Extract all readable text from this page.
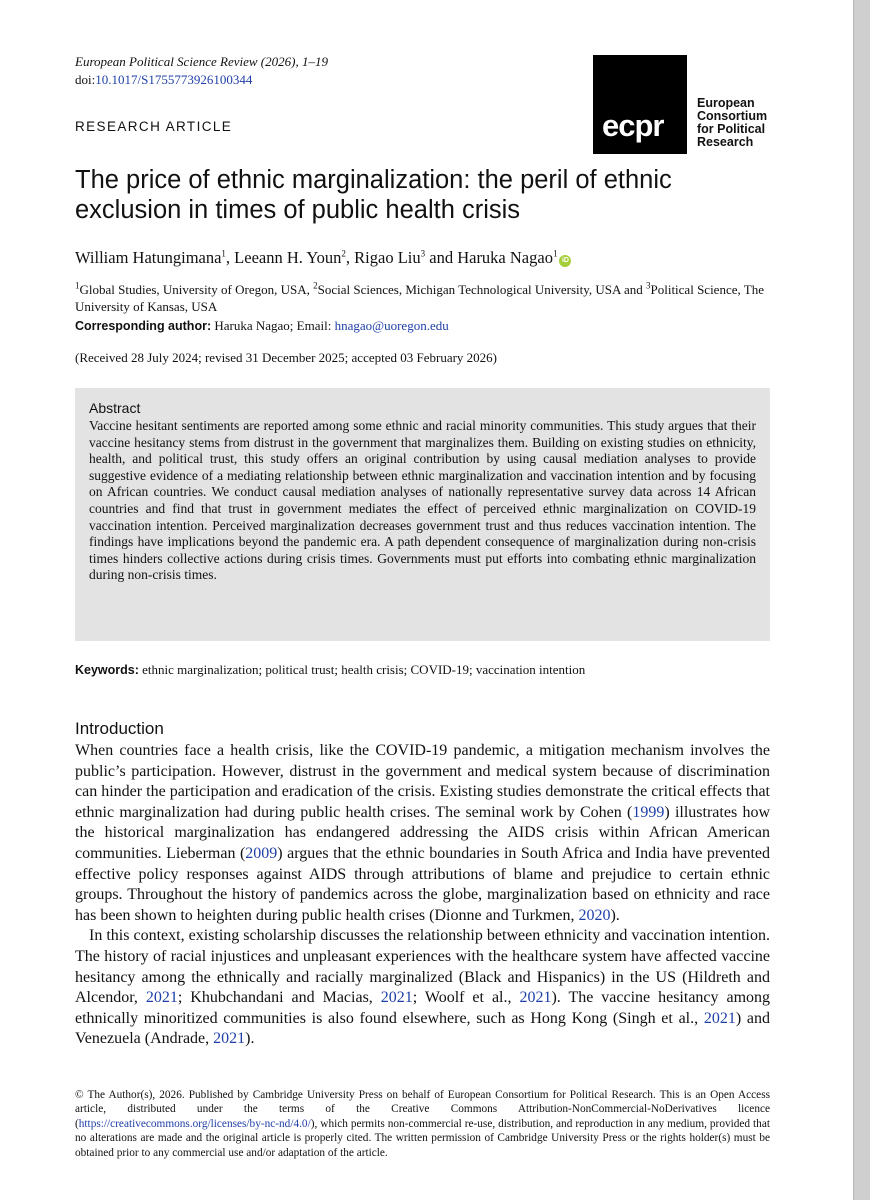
European Political Science Review (2026), 1–19
doi:10.1017/S1755773926100344
RESEARCH ARTICLE	ecpr
European
Consortium
for Political
Research
The price of ethnic marginalization: the peril of ethnic
exclusion in times of public health crisis
William Hatungimana$^1$, Leeann H. Youn$^2$, Rigao Liu$^3$ and Haruka Nagao$^1$iD
$^1$Global Studies, University of Oregon, USA, $^2$Social Sciences, Michigan Technological University, USA and $^3$Political Science, The University of Kansas, USA
Corresponding author: Haruka Nagao; Email: hnagao@uoregon.edu
(Received 28 July 2024; revised 31 December 2025; accepted 03 February 2026)
Abstract

Vaccine hesitant sentiments are reported among some ethnic and racial minority communities. This study argues that their vaccine hesitancy stems from distrust in the government that marginalizes them. Building on existing studies on ethnicity, health, and political trust, this study offers an original contribution by using causal mediation analyses to provide suggestive evidence of a mediating relationship between ethnic marginalization and vaccination intention and by focusing on African countries. We conduct causal mediation analyses of nationally representative survey data across 14 African countries and find that trust in government mediates the effect of perceived ethnic marginalization on COVID-19 vaccination intention. Perceived marginalization decreases government trust and thus reduces vaccination intention. The findings have implications beyond the pandemic era. A path dependent consequence of marginalization during non-crisis times hinders collective actions during crisis times. Governments must put efforts into combating ethnic marginalization during non-crisis times.

Keywords: ethnic marginalization; political trust; health crisis; COVID-19; vaccination intention
Introduction

When countries face a health crisis, like the COVID-19 pandemic, a mitigation mechanism involves the public’s participation. However, distrust in the government and medical system because of discrimination can hinder the participation and eradication of the crisis. Existing studies demonstrate the critical effects that ethnic marginalization had during public health crises. The seminal work by Cohen (1999) illustrates how the historical marginalization has endangered addressing the AIDS crisis within African American communities. Lieberman (2009) argues that the ethnic boundaries in South Africa and India have prevented effective policy responses against AIDS through attributions of blame and prejudice to certain ethnic groups. Throughout the history of pandemics across the globe, marginalization based on ethnicity and race has been shown to heighten during public health crises (Dionne and Turkmen, 2020).

In this context, existing scholarship discusses the relationship between ethnicity and vaccination intention. The history of racial injustices and unpleasant experiences with the healthcare system have affected vaccine hesitancy among the ethnically and racially marginalized (Black and Hispanics) in the US (Hildreth and Alcendor, 2021; Khubchandani and Macias, 2021; Woolf et al., 2021). The vaccine hesitancy among ethnically minoritized communities is also found elsewhere, such as Hong Kong (Singh et al., 2021) and Venezuela (Andrade, 2021).

© The Author(s), 2026. Published by Cambridge University Press on behalf of European Consortium for Political Research. This is an Open Access article, distributed under the terms of the Creative Commons Attribution-NonCommercial-NoDerivatives licence (https://creativecommons.org/licenses/by-nc-nd/4.0/), which permits non-commercial re-use, distribution, and reproduction in any medium, provided that no alterations are made and the original article is properly cited. The written permission of Cambridge University Press or the rights holder(s) must be obtained prior to any commercial use and/or adaptation of the article.
